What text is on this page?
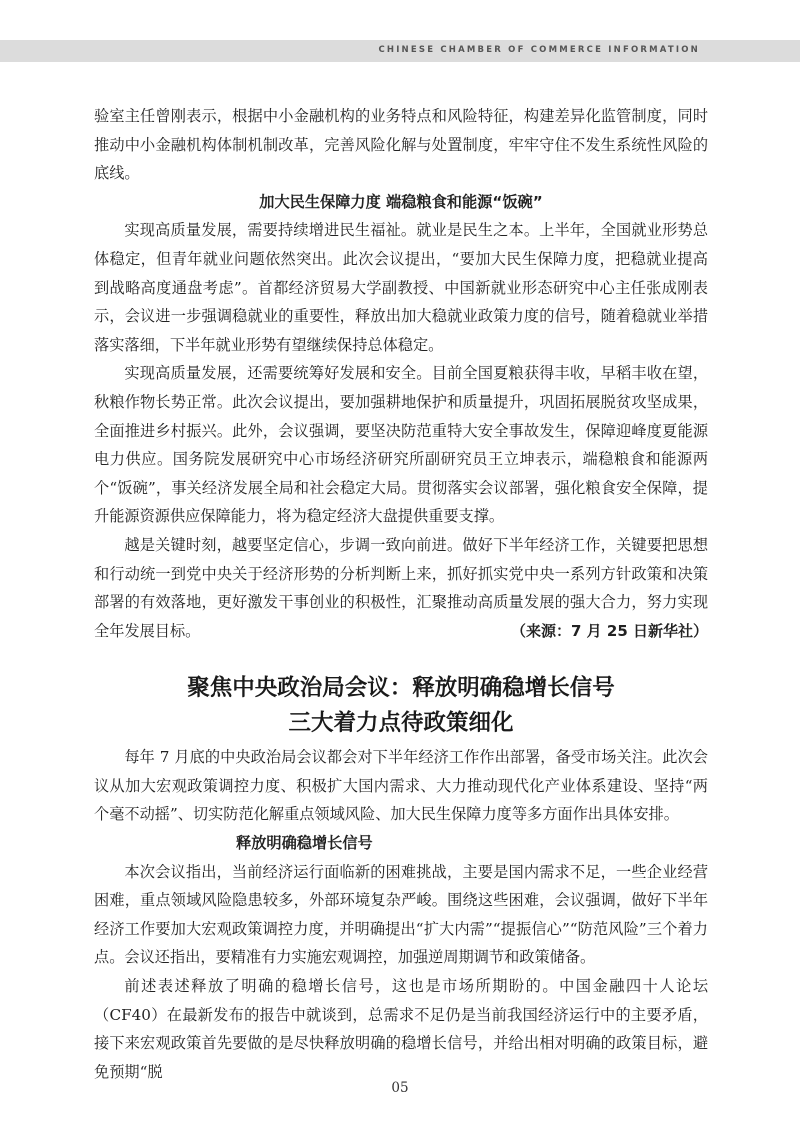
CHINESE CHAMBER OF COMMERCE INFORMATION

验室主任曾刚表示，根据中小金融机构的业务特点和风险特征，构建差异化监管制度，同时推动中小金融机构体制机制改革，完善风险化解与处置制度，牢牢守住不发生系统性风险的底线。

加大民生保障力度 端稳粮食和能源“饭碗”

实现高质量发展，需要持续增进民生福祉。就业是民生之本。上半年，全国就业形势总体稳定，但青年就业问题依然突出。此次会议提出，“要加大民生保障力度，把稳就业提高到战略高度通盘考虑”。首都经济贸易大学副教授、中国新就业形态研究中心主任张成刚表示，会议进一步强调稳就业的重要性，释放出加大稳就业政策力度的信号，随着稳就业举措落实落细，下半年就业形势有望继续保持总体稳定。

实现高质量发展，还需要统筹好发展和安全。目前全国夏粮获得丰收，早稻丰收在望，秋粮作物长势正常。此次会议提出，要加强耕地保护和质量提升，巩固拓展脱贫攻坚成果，全面推进乡村振兴。此外，会议强调，要坚决防范重特大安全事故发生，保障迎峰度夏能源电力供应。国务院发展研究中心市场经济研究所副研究员王立坤表示，端稳粮食和能源两个“饭碗”，事关经济发展全局和社会稳定大局。贯彻落实会议部署，强化粮食安全保障，提升能源资源供应保障能力，将为稳定经济大盘提供重要支撑。

越是关键时刻，越要坚定信心，步调一致向前进。做好下半年经济工作，关键要把思想和行动统一到党中央关于经济形势的分析判断上来，抓好抓实党中央一系列方针政策和决策部署的有效落地，更好激发干事创业的积极性，汇聚推动高质量发展的强大合力，努力实现全年发展目标。	（来源：7 月 25 日新华社）

聚焦中央政治局会议：释放明确稳增长信号
三大着力点待政策细化

每年 7 月底的中央政治局会议都会对下半年经济工作作出部署，备受市场关注。此次会议从加大宏观政策调控力度、积极扩大国内需求、大力推动现代化产业体系建设、坚持“两个毫不动摇”、切实防范化解重点领域风险、加大民生保障力度等多方面作出具体安排。

释放明确稳增长信号

本次会议指出，当前经济运行面临新的困难挑战，主要是国内需求不足，一些企业经营困难，重点领域风险隐患较多，外部环境复杂严峻。围绕这些困难，会议强调，做好下半年经济工作要加大宏观政策调控力度，并明确提出“扩大内需”“提振信心”“防范风险”三个着力点。会议还指出，要精准有力实施宏观调控，加强逆周期调节和政策储备。

前述表述释放了明确的稳增长信号，这也是市场所期盼的。中国金融四十人论坛（CF40）在最新发布的报告中就谈到，总需求不足仍是当前我国经济运行中的主要矛盾，接下来宏观政策首先要做的是尽快释放明确的稳增长信号，并给出相对明确的政策目标，避免预期“脱

05
